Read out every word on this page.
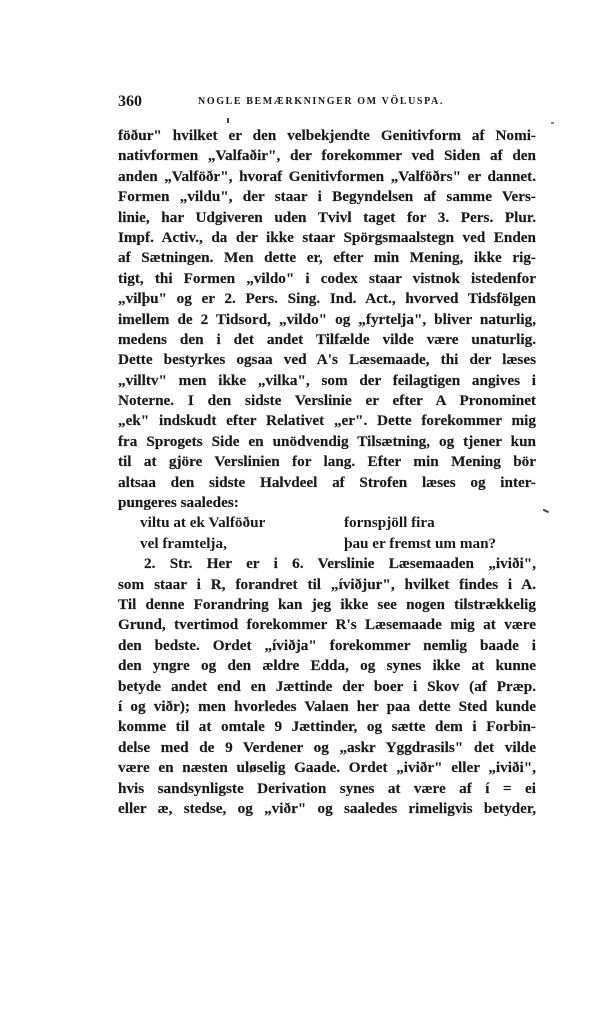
360	NOGLE BEMÆRKNINGER OM VÖLUSPA.
föður" hvilket er den velbekjendte Genitivform af Nomi-
nativformen „Valfaðir", der forekommer ved Siden af den
anden „Valföðr", hvoraf Genitivformen „Valföðrs" er dannet.
Formen „vildu", der staar i Begyndelsen af samme Vers-
linie, har Udgiveren uden Tvivl taget for 3. Pers. Plur.
Impf. Activ., da der ikke staar Spörgsmaalstegn ved Enden
af Sætningen. Men dette er, efter min Mening, ikke rig-
tigt, thi Formen „vildo" i codex staar vistnok istedenfor
„vilþu" og er 2. Pers. Sing. Ind. Act., hvorved Tidsfölgen
imellem de 2 Tidsord, „vildo" og „fyrtelja", bliver naturlig,
medens den i det andet Tilfælde vilde være unaturlig.
Dette bestyrkes ogsaa ved A's Læsemaade, thi der læses
„villtv" men ikke „vilka", som der feilagtigen angives i
Noterne. I den sidste Verslinie er efter A Pronominet
„ek" indskudt efter Relativet „er". Dette forekommer mig
fra Sprogets Side en unödvendig Tilsætning, og tjener kun
til at gjöre Verslinien for lang. Efter min Mening bör
altsaa den sidste Halvdeel af Strofen læses og inter-
pungeres saaledes:
viltu at ek Valföður	fornspjöll fira
vel framtelja,	þau er fremst um man?
2. Str. Her er i 6. Verslinie Læsemaaden „iviði",
som staar i R, forandret til „íviðjur", hvilket findes i A.
Til denne Forandring kan jeg ikke see nogen tilstrækkelig
Grund, tvertimod forekommer R's Læsemaade mig at være
den bedste. Ordet „íviðja" forekommer nemlig baade i
den yngre og den ældre Edda, og synes ikke at kunne
betyde andet end en Jættinde der boer i Skov (af Præp.
í og viðr); men hvorledes Valaen her paa dette Sted kunde
komme til at omtale 9 Jættinder, og sætte dem i Forbin-
delse med de 9 Verdener og „askr Yggdrasils" det vilde
være en næsten uløselig Gaade. Ordet „iviðr" eller „iviði",
hvis sandsynligste Derivation synes at være af í = ei
eller æ, stedse, og „viðr" og saaledes rimeligvis betyder,
